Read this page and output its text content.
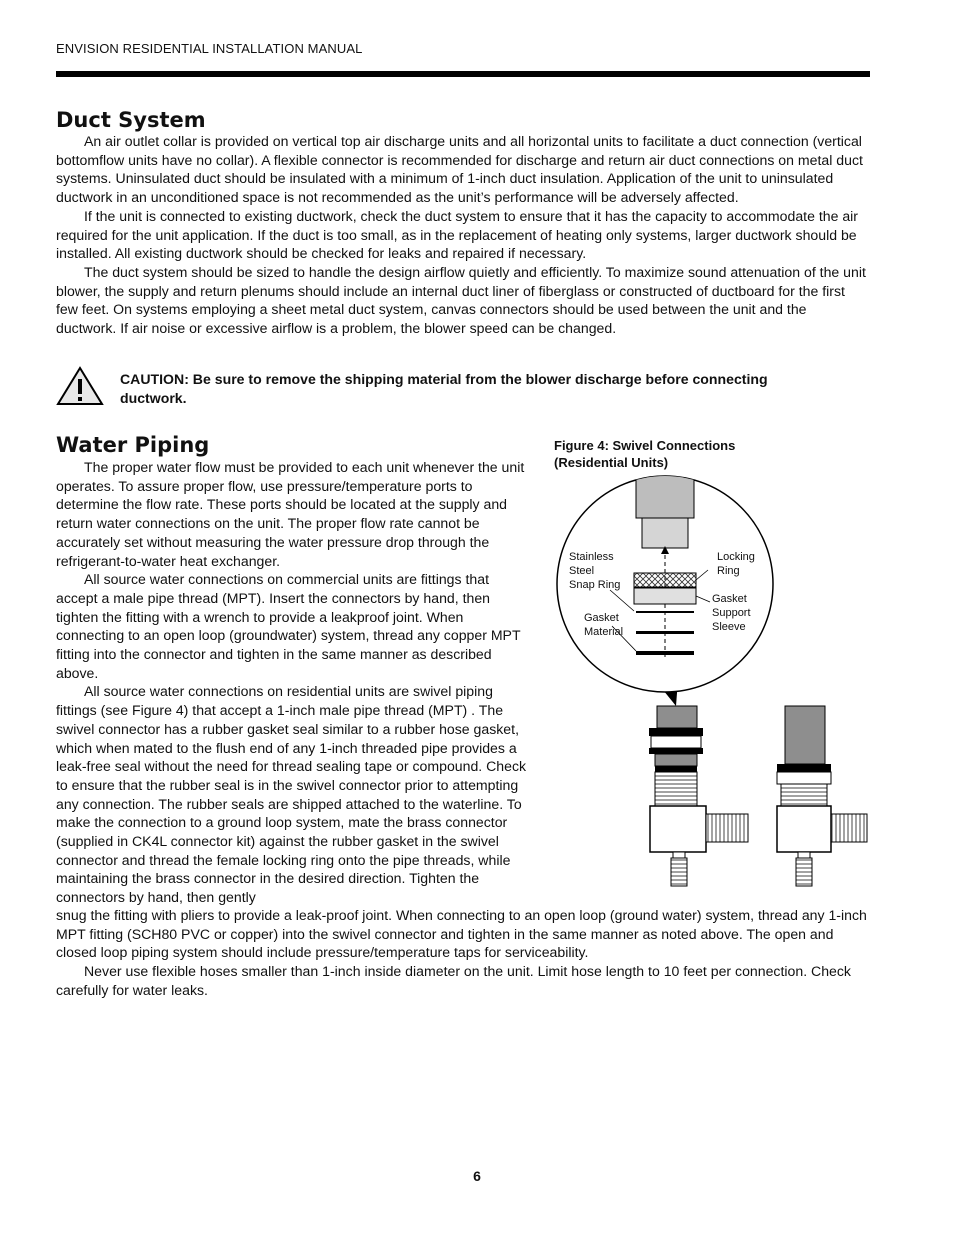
ENVISION RESIDENTIAL INSTALLATION MANUAL
Duct System

An air outlet collar is provided on vertical top air discharge units and all horizontal units to facilitate a duct connection (vertical bottomflow units have no collar). A flexible connector is recommended for discharge and return air duct connections on metal duct systems. Uninsulated duct should be insulated with a minimum of 1-inch duct insulation. Application of the unit to uninsulated ductwork in an unconditioned space is not recommended as the unit’s performance will be adversely affected.

If the unit is connected to existing ductwork, check the duct system to ensure that it has the capacity to accommodate the air required for the unit application. If the duct is too small, as in the replacement of heating only systems, larger ductwork should be installed. All existing ductwork should be checked for leaks and repaired if necessary.

The duct system should be sized to handle the design airflow quietly and efficiently. To maximize sound attenuation of the unit blower, the supply and return plenums should include an internal duct liner of fiberglass or constructed of ductboard for the first few feet. On systems employing a sheet metal duct system, canvas connectors should be used between the unit and the ductwork. If air noise or excessive airflow is a problem, the blower speed can be changed.

CAUTION: Be sure to remove the shipping material from the blower discharge before connecting ductwork.

Water Piping	Figure 4: Swivel Connections
(Residential Units)
Stainless
Steel
Snap Ring
Locking
Ring
Gasket
Material
Gasket
Support
Sleeve

The proper water flow must be provided to each unit whenever the unit operates. To assure proper flow, use pressure/temperature ports to determine the flow rate. These ports should be located at the supply and return water connections on the unit. The proper flow rate cannot be accurately set without measuring the water pressure drop through the refrigerant-to-water heat exchanger.

All source water connections on commercial units are fittings that accept a male pipe thread (MPT). Insert the connectors by hand, then tighten the fitting with a wrench to provide a leakproof joint. When connecting to an open loop (groundwater) system, thread any copper MPT fitting into the connector and tighten in the same manner as described above.

All source water connections on residential units are swivel piping fittings (see Figure 4) that accept a 1-inch male pipe thread (MPT) . The swivel connector has a rubber gasket seal similar to a rubber hose gasket, which when mated to the flush end of any 1-inch threaded pipe provides a leak-free seal without the need for thread sealing tape or compound. Check to ensure that the rubber seal is in the swivel connector prior to attempting any connection. The rubber seals are shipped attached to the waterline. To make the connection to a ground loop system, mate the brass connector (supplied in CK4L connector kit) against the rubber gasket in the swivel connector and thread the female locking ring onto the pipe threads, while maintaining the brass connector in the desired direction. Tighten the connectors by hand, then gently

snug the fitting with pliers to provide a leak-proof joint. When connecting to an open loop (ground water) system, thread any 1-inch MPT fitting (SCH80 PVC or copper) into the swivel connector and tighten in the same manner as noted above. The open and closed loop piping system should include pressure/temperature taps for serviceability.

Never use flexible hoses smaller than 1-inch inside diameter on the unit. Limit hose length to 10 feet per connection. Check carefully for water leaks.

6
